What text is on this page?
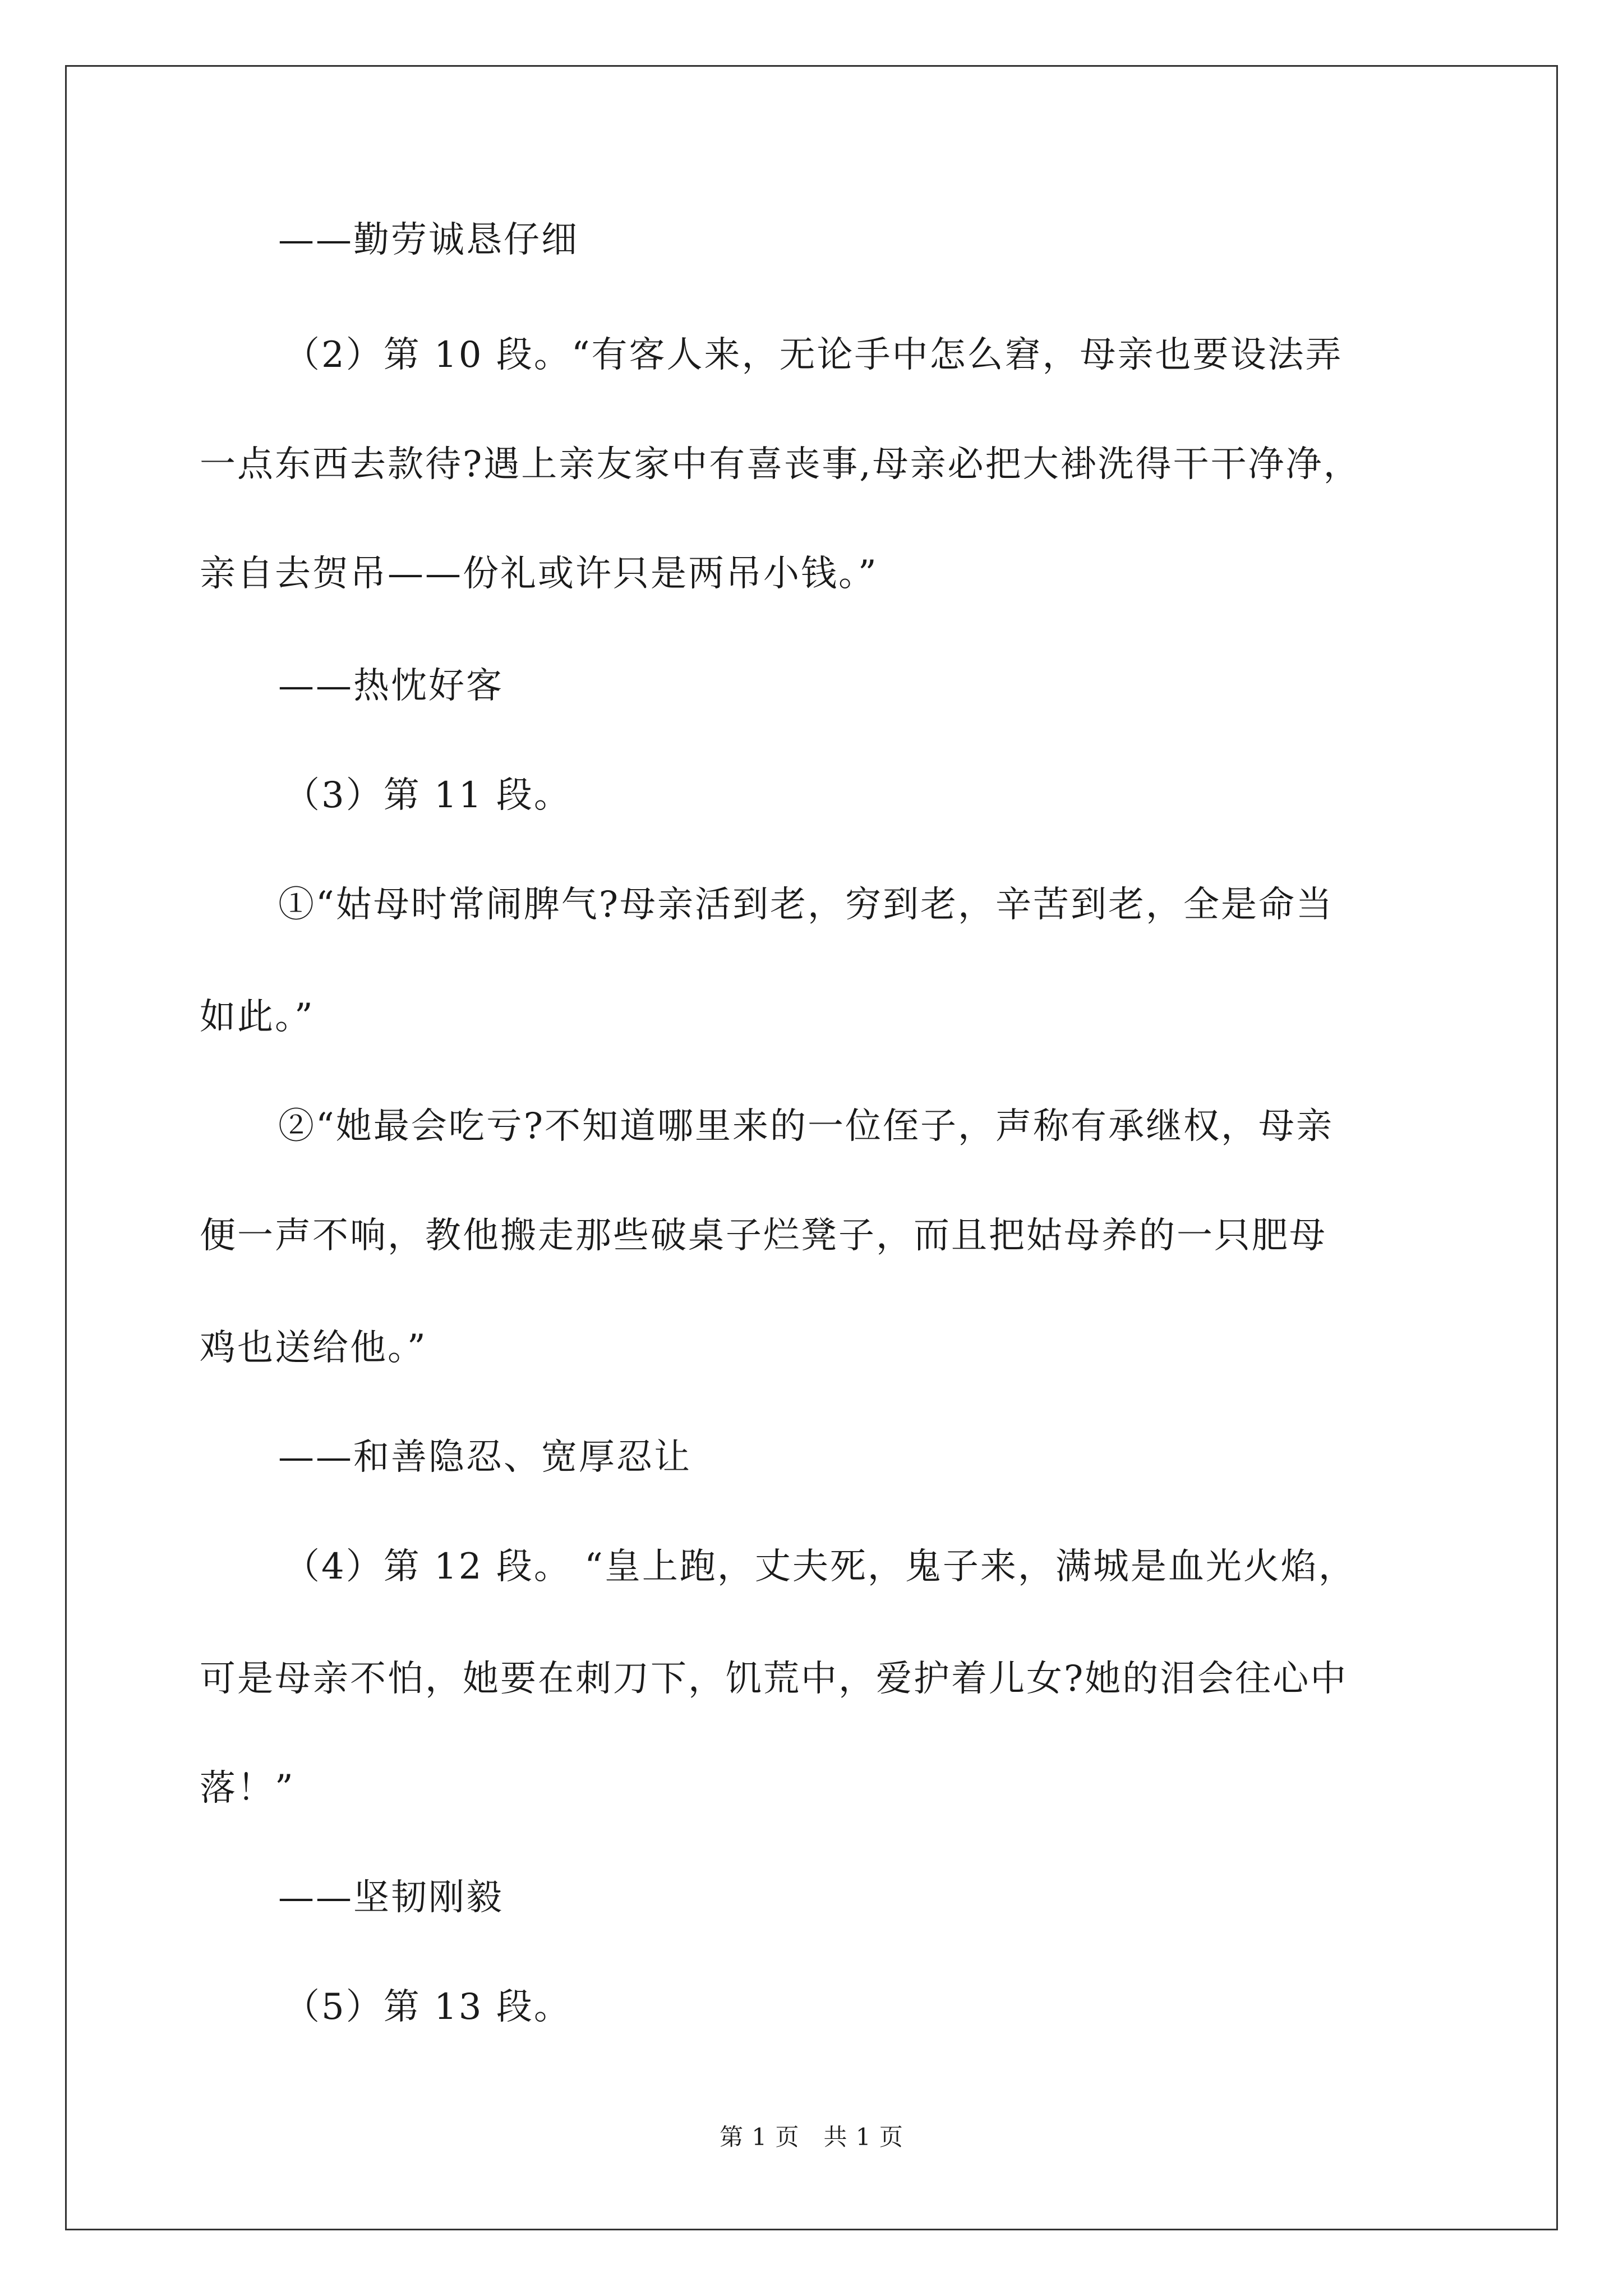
——勤劳诚恳仔细
（2）第 10 段。“有客人来，无论手中怎么窘，母亲也要设法弄
一点东西去款待?遇上亲友家中有喜丧事,母亲必把大褂洗得干干净净，
亲自去贺吊——份礼或许只是两吊小钱。”
——热忱好客
（3）第 11 段。
①“姑母时常闹脾气?母亲活到老，穷到老，辛苦到老，全是命当
如此。”
②“她最会吃亏?不知道哪里来的一位侄子，声称有承继权，母亲
便一声不响，教他搬走那些破桌子烂凳子，而且把姑母养的一只肥母
鸡也送给他。”
——和善隐忍、宽厚忍让
（4）第 12 段。 “皇上跑，丈夫死，鬼子来，满城是血光火焰，
可是母亲不怕，她要在刺刀下，饥荒中，爱护着儿女?她的泪会往心中
落！”
——坚韧刚毅
（5）第 13 段。
第 1 页　共 1 页
